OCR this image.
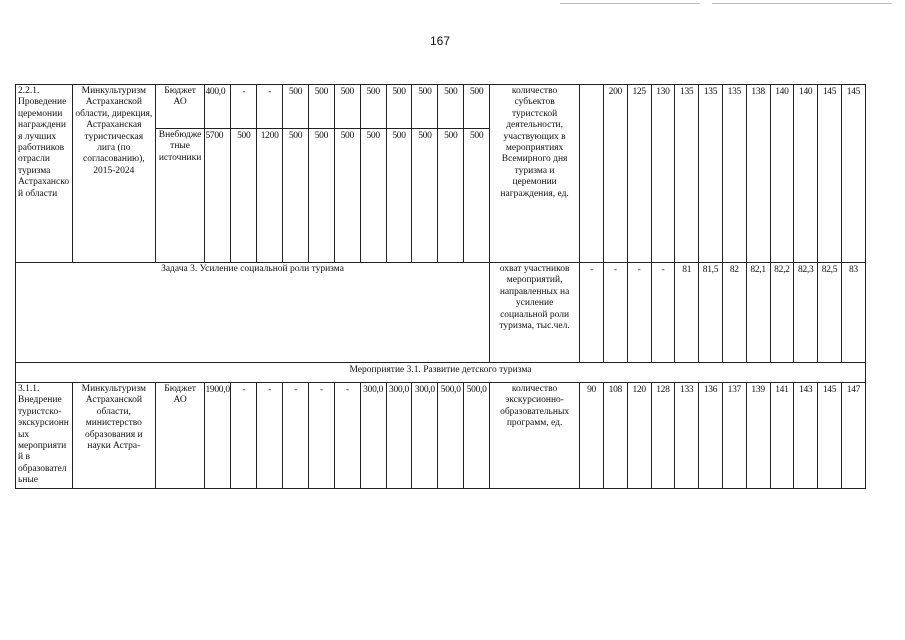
167
2.2.1. Проведение церемонии награждения лучших работников отрасли туризма Астраханской области	Минкультуризм Астраханской области, дирекция, Астраханская туристическая лига (по согласованию), 2015-2024	Бюджет АО	400,0	-	-	500	500	500	500	500	500	500	500	количество субъектов туристской деятельности, участвующих в мероприятиях Всемирного дня туризма и церемонии награждения, ед.		200	125	130	135	135	135	138	140	140	145	145
		Внебюджетные источники	5700	500	1200	500	500	500	500	500	500	500	500													
Задача 3. Усиление социальной роли туризма														охват участников мероприятий, направленных на усиление социальной роли туризма, тыс.чел.	-	-	-	-	81	81,5	82	82,1	82,2	82,3	82,5	83
Мероприятие 3.1. Развитие детского туризма																										
3.1.1. Внедрение туристско-экскурсионных мероприятий в образовательные	Минкультуризм Астраханской области, министерство образования и науки Астра-	Бюджет АО	1900,0	-	-	-	-	-	300,0	300,0	300,0	500,0	500,0	количество экскурсионно-образовательных программ, ед.	90	108	120	128	133	136	137	139	141	143	145	147
